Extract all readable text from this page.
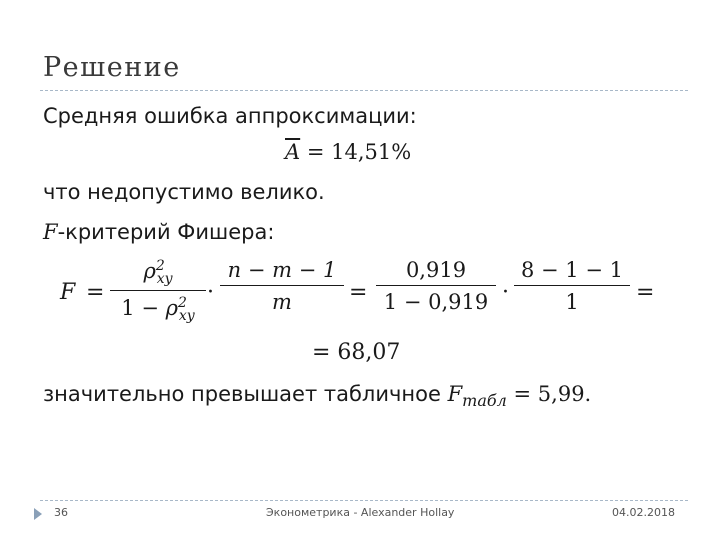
Решение
Средняя ошибка аппроксимации:
$\overline{A} = 14,51\%$
что недопустимо велико.
F-критерий Фишера:
F =
$\rho^2_{xy}$
$1 - \rho^2_{xy}$
·
n − m − 1
m	=
0,919
1 − 0,919 ·
8 − 1 − 1
1	=
= 68,07
значительно превышает табличное $F_{табл} = 5,99$.
36	Эконометрика - Alexander Hollay	04.02.2018
